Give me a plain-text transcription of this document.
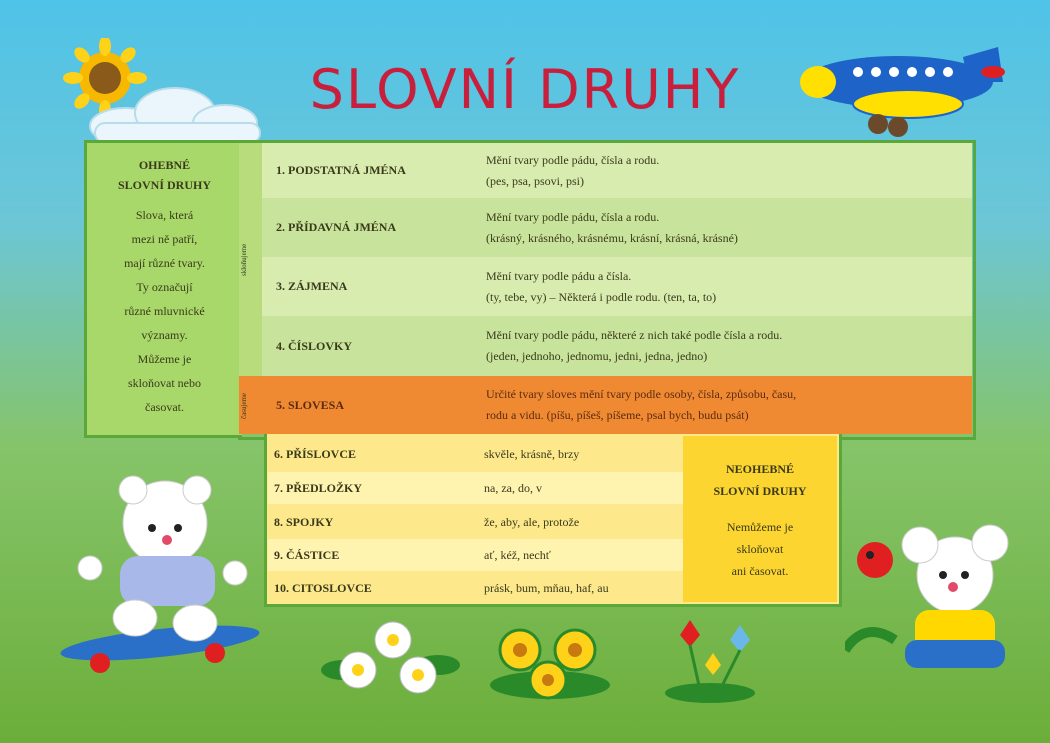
SLOVNÍ DRUHY
OHEBNÉ
SLOVNÍ DRUHY
Slova, která
mezi ně patří,
mají různé tvary.
Ty označují
různé mluvnické
významy.
Můžeme je
skloňovat nebo
časovat.
skloňujeme
časujeme
1. PODSTATNÁ JMÉNA
Mění tvary podle pádu, čísla a rodu.
(pes, psa, psovi, psi)
2. PŘÍDAVNÁ JMÉNA
Mění tvary podle pádu, čísla a rodu.
(krásný, krásného, krásnému, krásní, krásná, krásné)
3. ZÁJMENA
Mění tvary podle pádu a čísla.
(ty, tebe, vy) – Některá i podle rodu. (ten, ta, to)
4. ČÍSLOVKY
Mění tvary podle pádu, některé z nich také podle čísla a rodu.
(jeden, jednoho, jednomu, jedni, jedna, jedno)
5. SLOVESA
Určité tvary sloves mění tvary podle osoby, čísla, způsobu, času,
rodu a vidu. (píšu, píšeš, píšeme, psal bych, budu psát)
6. PŘÍSLOVCE	skvěle, krásně, brzy
7. PŘEDLOŽKY	na, za, do, v
8. SPOJKY	že, aby, ale, protože
9. ČÁSTICE	ať, kéž, nechť
10. CITOSLOVCE	prásk, bum, mňau, haf, au
NEOHEBNÉ
SLOVNÍ DRUHY
Nemůžeme je
skloňovat
ani časovat.
